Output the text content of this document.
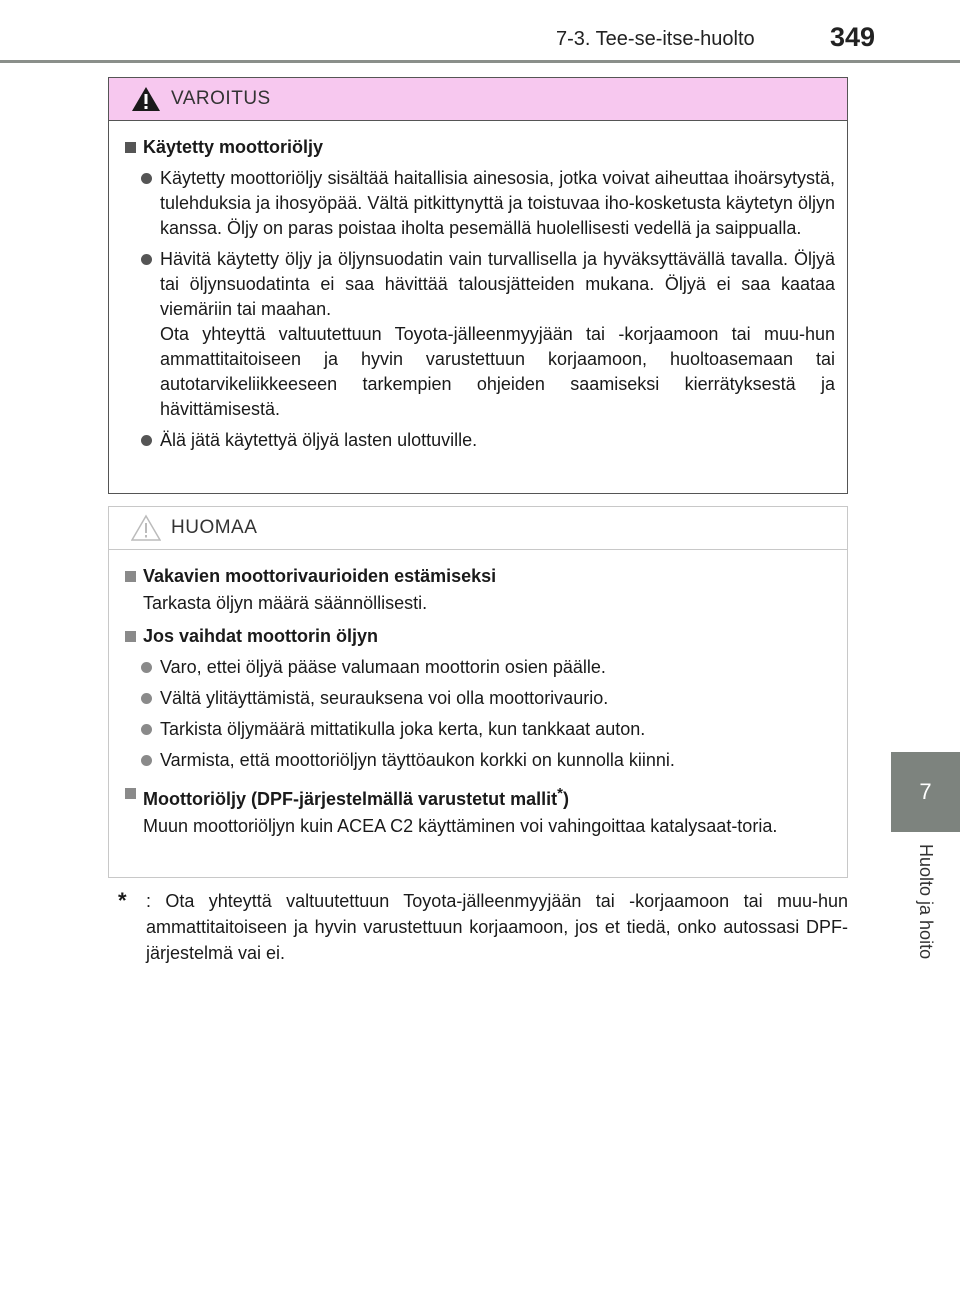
7-3. Tee-se-itse-huolto	349
7
Huolto ja hoito
VAROITUS
Käytetty moottoriöljy
Käytetty moottoriöljy sisältää haitallisia ainesosia, jotka voivat aiheuttaa ihoärsytystä, tulehduksia ja ihosyöpää. Vältä pitkittynyttä ja toistuvaa iho-kosketusta käytetyn öljyn kanssa. Öljy on paras poistaa iholta pesemällä huolellisesti vedellä ja saippualla.
Hävitä käytetty öljy ja öljynsuodatin vain turvallisella ja hyväksyttävällä tavalla. Öljyä tai öljynsuodatinta ei saa hävittää talousjätteiden mukana. Öljyä ei saa kaataa viemäriin tai maahan.
Ota yhteyttä valtuutettuun Toyota-jälleenmyyjään tai -korjaamoon tai muu-hun ammattitaitoiseen ja hyvin varustettuun korjaamoon, huoltoasemaan tai autotarvikeliikkeeseen tarkempien ohjeiden saamiseksi kierrätyksestä ja hävittämisestä.
Älä jätä käytettyä öljyä lasten ulottuville.
HUOMAA
Vakavien moottorivaurioiden estämiseksi
Tarkasta öljyn määrä säännöllisesti.
Jos vaihdat moottorin öljyn
Varo, ettei öljyä pääse valumaan moottorin osien päälle.
Vältä ylitäyttämistä, seurauksena voi olla moottorivaurio.
Tarkista öljymäärä mittatikulla joka kerta, kun tankkaat auton.
Varmista, että moottoriöljyn täyttöaukon korkki on kunnolla kiinni.
Moottoriöljy (DPF-järjestelmällä varustetut mallit*)
Muun moottoriöljyn kuin ACEA C2 käyttäminen voi vahingoittaa katalysaat-toria.
*	: Ota yhteyttä valtuutettuun Toyota-jälleenmyyjään tai -korjaamoon tai muu-hun ammattitaitoiseen ja hyvin varustettuun korjaamoon, jos et tiedä, onko autossasi DPF-järjestelmä vai ei.
